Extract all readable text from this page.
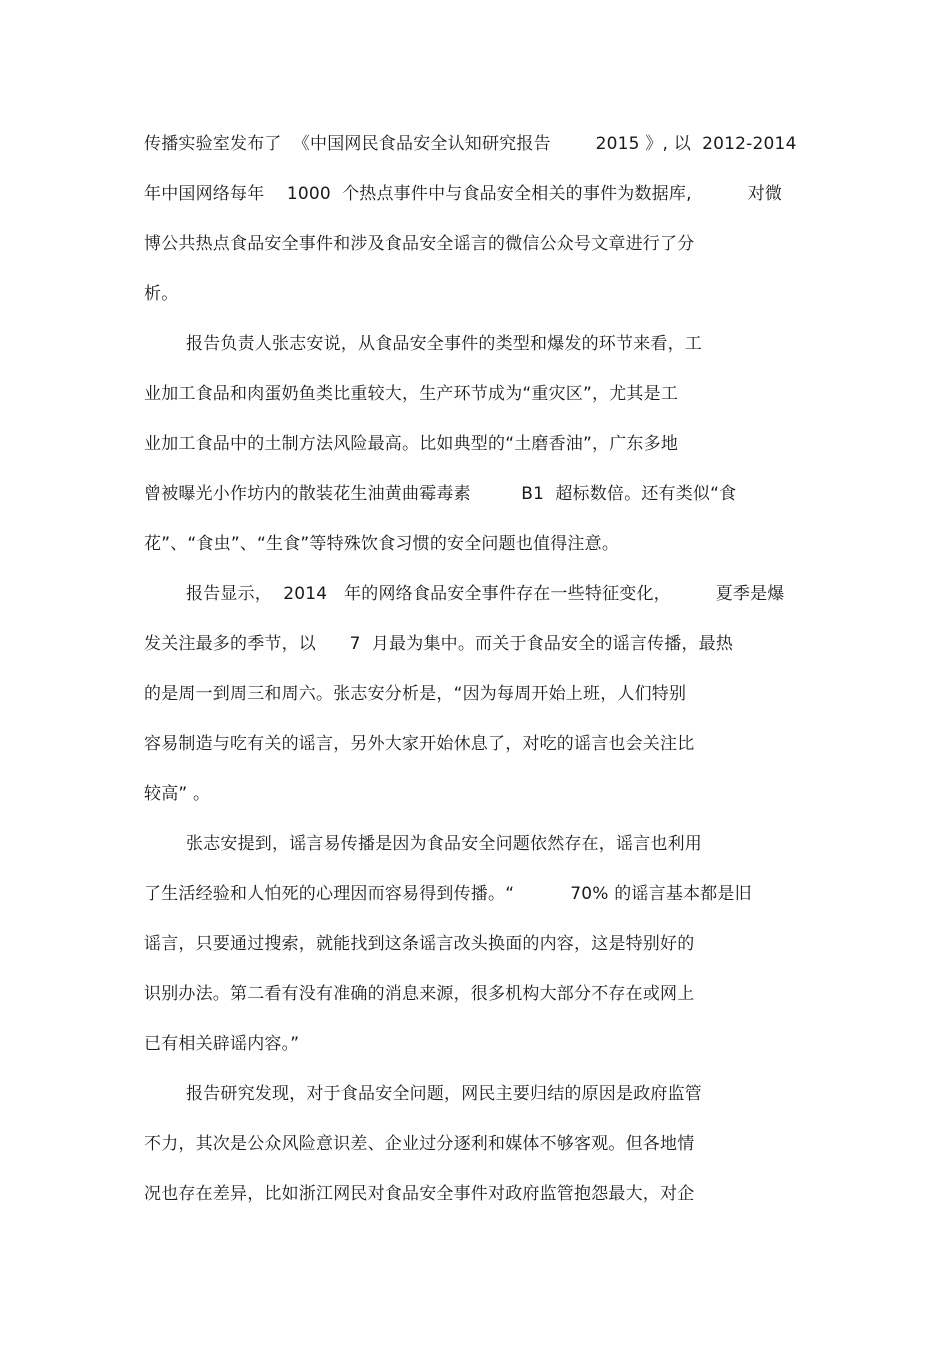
传播实验室发布了  《中国网民食品安全认知研究报告        2015 》, 以  2012-2014
年中国网络每年    1000  个热点事件中与食品安全相关的事件为数据库,          对微
博公共热点食品安全事件和涉及食品安全谣言的微信公众号文章进行了分
析。
报告负责人张志安说，从食品安全事件的类型和爆发的环节来看，工
业加工食品和肉蛋奶鱼类比重较大，生产环节成为“重灾区”，尤其是工
业加工食品中的土制方法风险最高。比如典型的“土磨香油”，广东多地
曾被曝光小作坊内的散装花生油黄曲霉毒素         B1  超标数倍。还有类似“食
花”、“食虫”、“生食”等特殊饮食习惯的安全问题也值得注意。
报告显示，  2014   年的网络食品安全事件存在一些特征变化，        夏季是爆
发关注最多的季节，以      7  月最为集中。而关于食品安全的谣言传播，最热
的是周一到周三和周六。张志安分析是，“因为每周开始上班，人们特别
容易制造与吃有关的谣言，另外大家开始休息了，对吃的谣言也会关注比
较高” 。
张志安提到，谣言易传播是因为食品安全问题依然存在，谣言也利用
了生活经验和人怕死的心理因而容易得到传播。“          70% 的谣言基本都是旧
谣言，只要通过搜索，就能找到这条谣言改头换面的内容，这是特别好的
识别办法。第二看有没有准确的消息来源，很多机构大部分不存在或网上
已有相关辟谣内容。”
报告研究发现，对于食品安全问题，网民主要归结的原因是政府监管
不力，其次是公众风险意识差、企业过分逐利和媒体不够客观。但各地情
况也存在差异，比如浙江网民对食品安全事件对政府监管抱怨最大，对企
